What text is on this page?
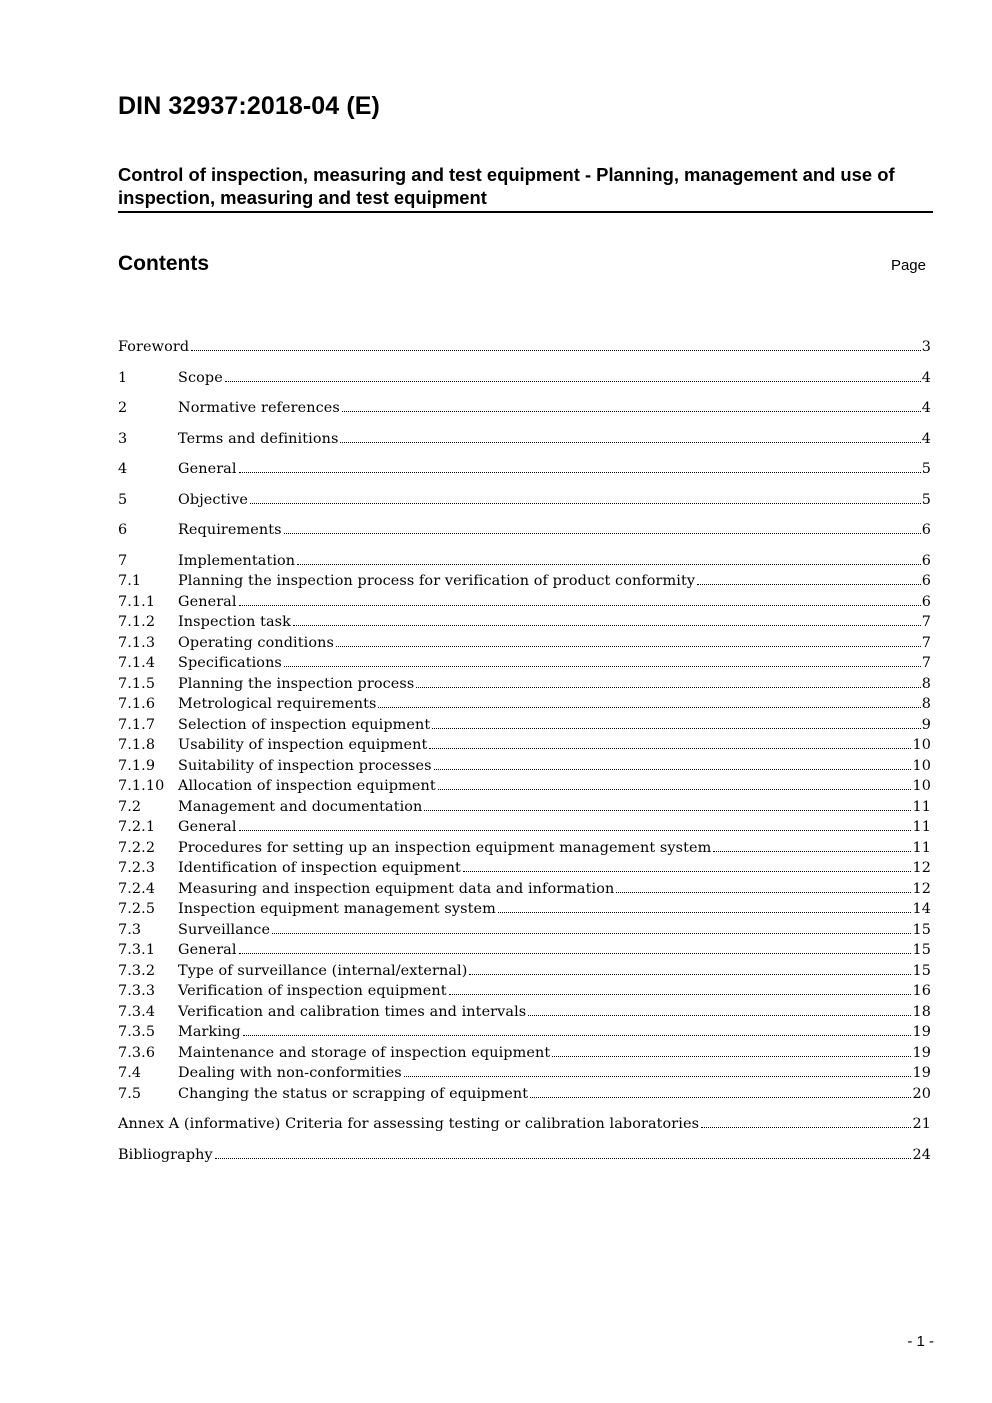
DIN 32937:2018-04 (E)
Control of inspection, measuring and test equipment - Planning, management and use of inspection, measuring and test equipment
Contents	Page
Foreword	3
1	Scope	4
2	Normative references	4
3	Terms and definitions	4
4	General	5
5	Objective	5
6	Requirements	6
7	Implementation	6
7.1	Planning the inspection process for verification of product conformity	6
7.1.1	General	6
7.1.2	Inspection task	7
7.1.3	Operating conditions	7
7.1.4	Specifications	7
7.1.5	Planning the inspection process	8
7.1.6	Metrological requirements	8
7.1.7	Selection of inspection equipment	9
7.1.8	Usability of inspection equipment	10
7.1.9	Suitability of inspection processes	10
7.1.10 Allocation of inspection equipment	10
7.2	Management and documentation	11
7.2.1	General	11
7.2.2	Procedures for setting up an inspection equipment management system	11
7.2.3	Identification of inspection equipment	12
7.2.4	Measuring and inspection equipment data and information	12
7.2.5	Inspection equipment management system	14
7.3	Surveillance	15
7.3.1	General	15
7.3.2	Type of surveillance (internal/external)	15
7.3.3	Verification of inspection equipment	16
7.3.4	Verification and calibration times and intervals	18
7.3.5	Marking	19
7.3.6	Maintenance and storage of inspection equipment	19
7.4	Dealing with non-conformities	19
7.5	Changing the status or scrapping of equipment	20
Annex A (informative) Criteria for assessing testing or calibration laboratories	21
Bibliography	24
- 1 -
